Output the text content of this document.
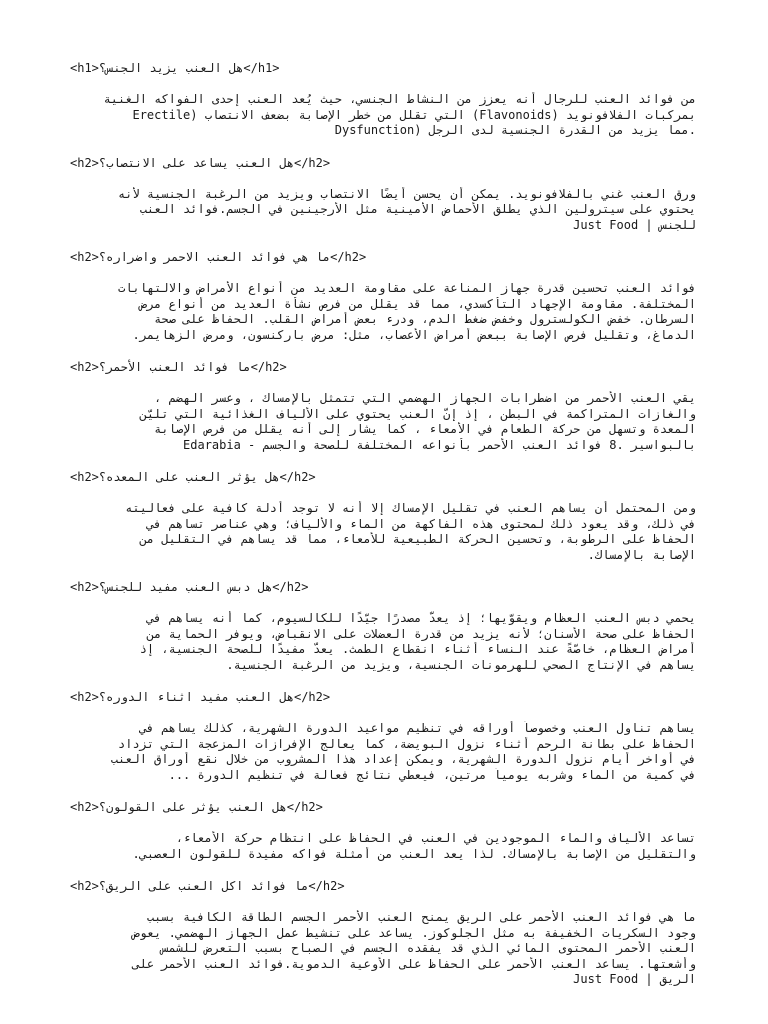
<h1>هل العنب يزيد الجنس؟</h1>
من فوائد العنب للرجال أنه يعزز من النشاط الجنسي، حيث يُعد العنب إحدى الفواكه الغنية
بمركبات الفلافونويد (Flavonoids) التي تقلل من خطر الإصابة بضعف الانتصاب (Erectile
Dysfunction) مما يزيد من القدرة الجنسية لدى الرجل.
<h2>هل العنب يساعد على الانتصاب؟</h2>
ورق العنب غني بالفلافونويد. يمكن أن يحسن أيضًا الانتصاب ويزيد من الرغبة الجنسية لأنه
يحتوي على سيترولين الذي يطلق الأحماض الأمينية مثل الأرجينين في الجسم.فوائد العنب
للجنس | Just Food
<h2>ما هي فوائد العنب الاحمر واضراره؟</h2>
فوائد العنب تحسين قدرة جهاز المناعة على مقاومة العديد من أنواع الأمراض والالتهابات
المختلفة. مقاومة الإجهاد التأكسدي، مما قد يقلل من فرص نشأة العديد من أنواع مرض
السرطان. خفض الكولسترول وخفض ضغط الدم، ودرء بعض أمراض القلب. الحفاظ على صحة
الدماغ، وتقليل فرص الإصابة ببعض أمراض الأعصاب، مثل: مرض باركنسون، ومرض الزهايمر.
<h2>ما فوائد العنب الأحمر؟</h2>
يقي العنب الأحمر من اضطرابات الجهاز الهضمي التي تتمثل بالإمساك ، وعسر الهضم ،
والغازات المتراكمة في البطن ، إذ إنّ العنب يحتوي على الألياف الغذائية التي تليّن
المعدة وتسهل من حركة الطعام في الأمعاء ، كما يشار إلى أنه يقلل من فرص الإصابة
بالبواسير .8 فوائد العنب الأحمر بأنواعه المختلفة للصحة والجسم - Edarabia
<h2>هل يؤثر العنب على المعده؟</h2>
ومن المحتمل أن يساهم العنب في تقليل الإمساك إلا أنه لا توجد أدلة كافية على فعاليته
في ذلك، وقد يعود ذلك لمحتوى هذه الفاكهة من الماء والألياف؛ وهي عناصر تساهم في
الحفاظ على الرطوبة، وتحسين الحركة الطبيعية للأمعاء، مما قد يساهم في التقليل من
الإصابة بالإمساك.
<h2>هل دبس العنب مفيد للجنس؟</h2>
يحمي دبس العنب العظام ويقوّيها؛ إذ يعدّ مصدرًا جيّدًا للكالسيوم، كما أنه يساهم في
الحفاظ على صحة الأسنان؛ لأنه يزيد من قدرة العضلات على الانقباض، ويوفر الحماية من
أمراض العظام، خاصّةً عند النساء أثناء انقطاع الطمث. يعدّ مفيدًا للصحة الجنسية، إذ
يساهم في الإنتاج الصحي للهرمونات الجنسية، ويزيد من الرغبة الجنسية.
<h2>هل العنب مفيد اثناء الدوره؟</h2>
يساهم تناول العنب وخصوصاً أوراقه في تنظيم مواعيد الدورة الشهرية، كذلك يساهم في
الحفاظ على بطانة الرحم أثناء نزول البويضة، كما يعالج الإفرازات المزعجة التي تزداد
في أواخر أيام نزول الدورة الشهرية، ويمكن إعداد هذا المشروب من خلال نقع أوراق العنب
في كمية من الماء وشربه يومياً مرتين، فيعطي نتائج فعالة في تنظيم الدورة ...
<h2>هل العنب يؤثر على القولون؟</h2>
تساعد الألياف والماء الموجودين في العنب في الحفاظ على انتظام حركة الأمعاء،
والتقليل من الإصابة بالإمساك. لذا يعد العنب من أمثلة فواكه مفيدة للقولون العصبي.
<h2>ما فوائد اكل العنب على الريق؟</h2>
ما هي فوائد العنب الأحمر على الريق يمنح العنب الأحمر الجسم الطاقة الكافية بسبب
وجود السكريات الخفيفة به مثل الجلوكوز. يساعد على تنشيط عمل الجهاز الهضمي. يعوض
العنب الأحمر المحتوى المائي الذي قد يفقده الجسم في الصباح بسبب التعرض للشمس
وأشعتها. يساعد العنب الأحمر على الحفاظ على الأوعية الدموية.فوائد العنب الأحمر على
الريق | Just Food
